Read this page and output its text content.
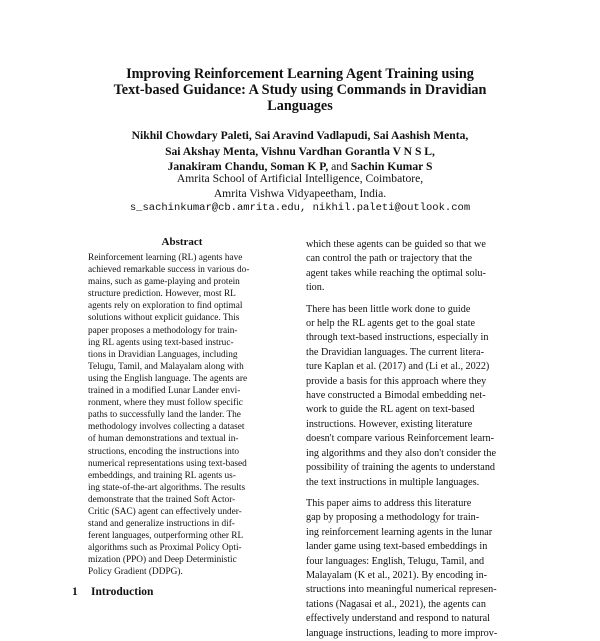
Improving Reinforcement Learning Agent Training using
Text-based Guidance: A Study using Commands in Dravidian
Languages
Nikhil Chowdary Paleti, Sai Aravind Vadlapudi, Sai Aashish Menta,
Sai Akshay Menta, Vishnu Vardhan Gorantla V N S L,
Janakiram Chandu, Soman K P, and Sachin Kumar S
Amrita School of Artificial Intelligence, Coimbatore,
Amrita Vishwa Vidyapeetham, India.
s_sachinkumar@cb.amrita.edu, nikhil.paleti@outlook.com
Abstract
Reinforcement learning (RL) agents have
achieved remarkable success in various do-
mains, such as game-playing and protein
structure prediction. However, most RL
agents rely on exploration to find optimal
solutions without explicit guidance. This
paper proposes a methodology for train-
ing RL agents using text-based instruc-
tions in Dravidian Languages, including
Telugu, Tamil, and Malayalam along with
using the English language. The agents are
trained in a modified Lunar Lander envi-
ronment, where they must follow specific
paths to successfully land the lander. The
methodology involves collecting a dataset
of human demonstrations and textual in-
structions, encoding the instructions into
numerical representations using text-based
embeddings, and training RL agents us-
ing state-of-the-art algorithms. The results
demonstrate that the trained Soft Actor-
Critic (SAC) agent can effectively under-
stand and generalize instructions in dif-
ferent languages, outperforming other RL
algorithms such as Proximal Policy Opti-
mization (PPO) and Deep Deterministic
Policy Gradient (DDPG).
1 Introduction
which these agents can be guided so that we
can control the path or trajectory that the
agent takes while reaching the optimal solu-
tion.
There has been little work done to guide
or help the RL agents get to the goal state
through text-based instructions, especially in
the Dravidian languages. The current litera-
ture Kaplan et al. (2017) and (Li et al., 2022)
provide a basis for this approach where they
have constructed a Bimodal embedding net-
work to guide the RL agent on text-based
instructions. However, existing literature
doesn't compare various Reinforcement learn-
ing algorithms and they also don't consider the
possibility of training the agents to understand
the text instructions in multiple languages.
This paper aims to address this literature
gap by proposing a methodology for train-
ing reinforcement learning agents in the lunar
lander game using text-based embeddings in
four languages: English, Telugu, Tamil, and
Malayalam (K et al., 2021). By encoding in-
structions into meaningful numerical represen-
tations (Nagasai et al., 2021), the agents can
effectively understand and respond to natural
language instructions, leading to more improv-
